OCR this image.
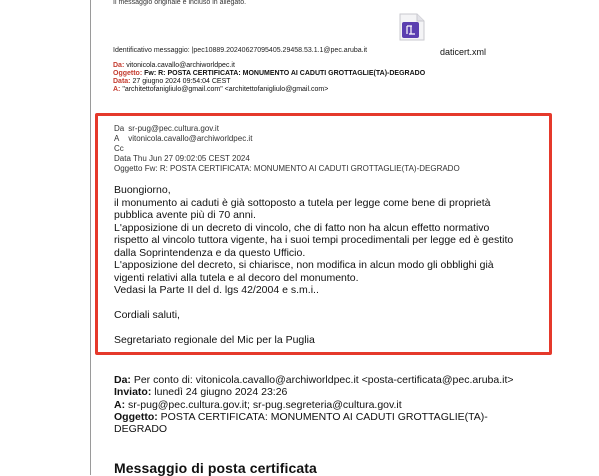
Il messaggio originale è incluso in allegato.
Identificativo messaggio: |pec10889.20240627095405.29458.53.1.1@pec.aruba.it	daticert.xml
Da: vitonicola.cavallo@archiworldpec.it
Oggetto: Fw: R: POSTA CERTIFICATA: MONUMENTO AI CADUTI GROTTAGLIE(TA)-DEGRADO
Data: 27 giugno 2024 09:54:04 CEST
A: "architettofanigliulo@gmail.com" <architettofanigliulo@gmail.com>
Da sr-pug@pec.cultura.gov.it
A vitonicola.cavallo@archiworldpec.it
Cc
Data Thu Jun 27 09:02:05 CEST 2024
Oggetto Fw: R: POSTA CERTIFICATA: MONUMENTO AI CADUTI GROTTAGLIE(TA)-DEGRADO
Buongiorno,
il monumento ai caduti è già sottoposto a tutela per legge come bene di proprietà
pubblica avente più di 70 anni.
L'apposizione di un decreto di vincolo, che di fatto non ha alcun effetto normativo
rispetto al vincolo tuttora vigente, ha i suoi tempi procedimentali per legge ed è gestito
dalla Soprintendenza e da questo Ufficio.
L'apposizione del decreto, si chiarisce, non modifica in alcun modo gli obblighi già
vigenti relativi alla tutela e al decoro del monumento.
Vedasi la Parte II del d. lgs 42/2004 e s.m.i..
Cordiali saluti,
Segretariato regionale del Mic per la Puglia
Da: Per conto di: vitonicola.cavallo@archiworldpec.it <posta-certificata@pec.aruba.it>
Inviato: lunedì 24 giugno 2024 23:26
A: sr-pug@pec.cultura.gov.it; sr-pug.segreteria@cultura.gov.it
Oggetto: POSTA CERTIFICATA: MONUMENTO AI CADUTI GROTTAGLIE(TA)-
DEGRADO
Messaggio di posta certificata
